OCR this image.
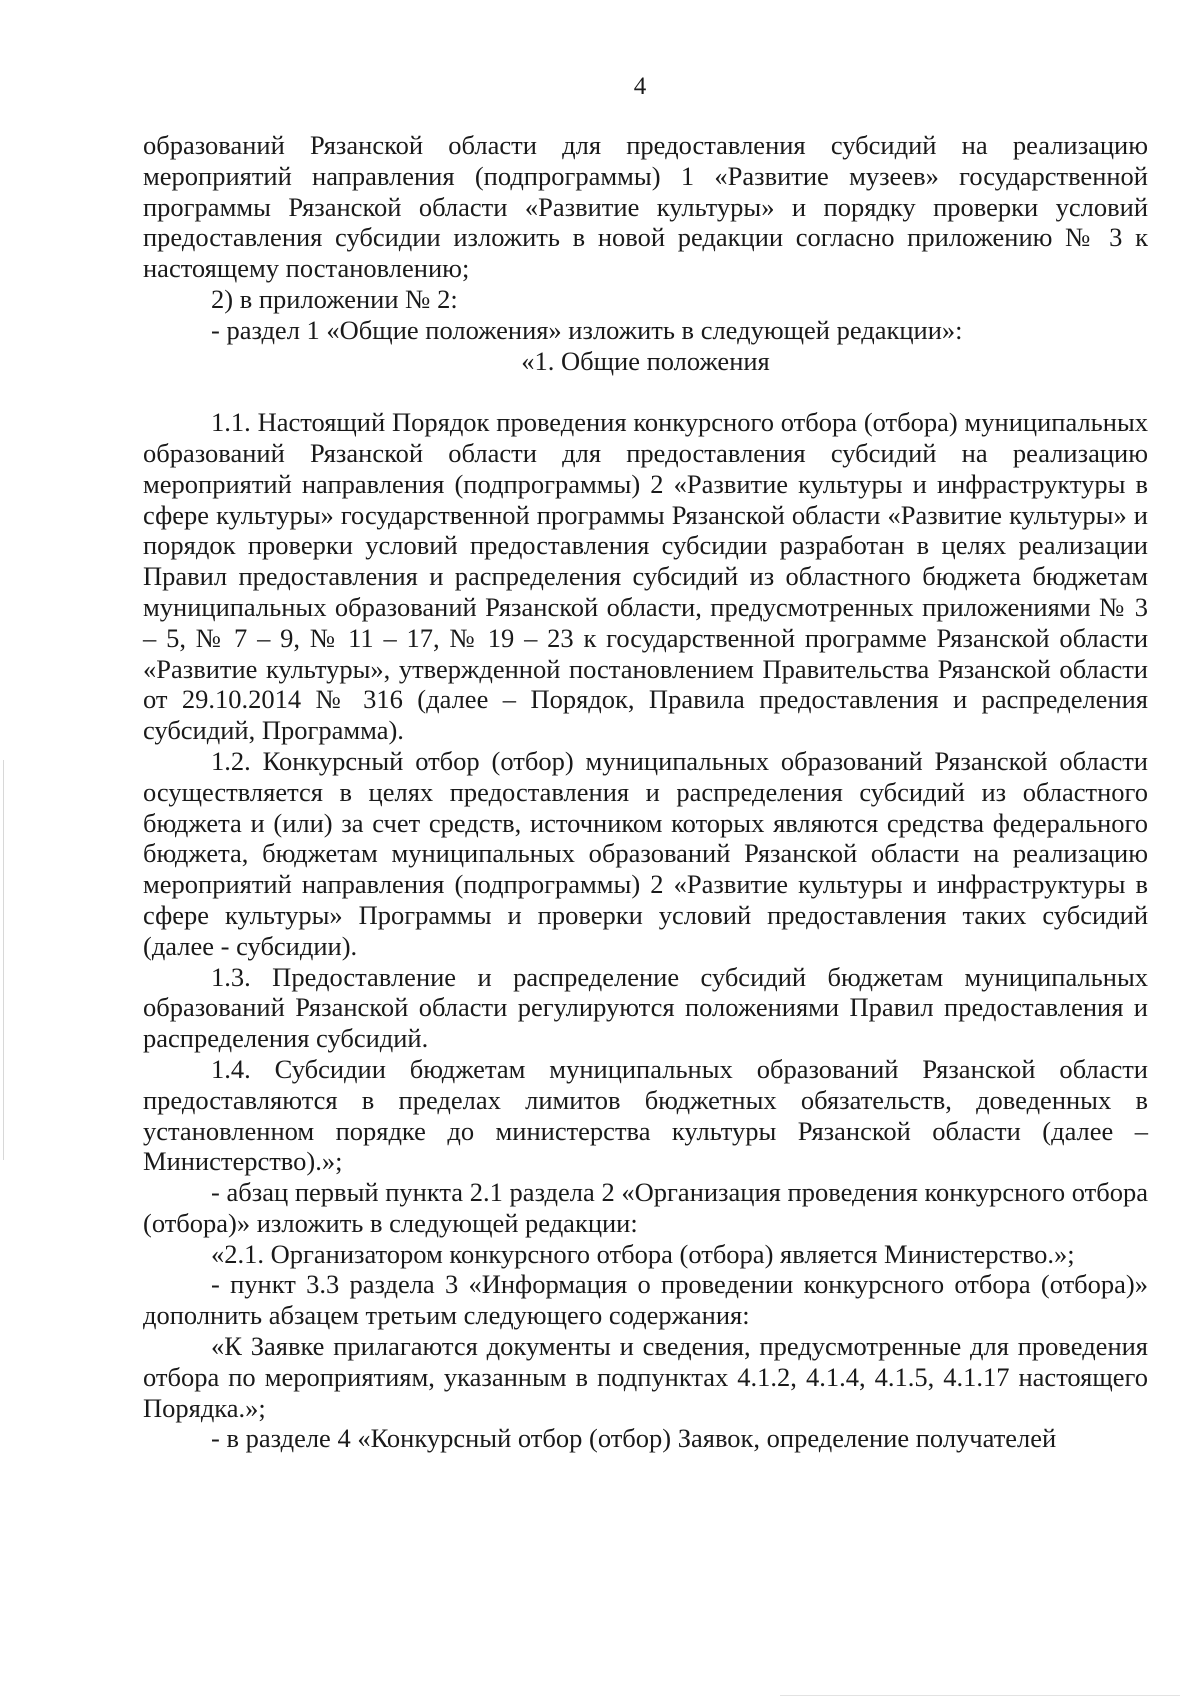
4

образований Рязанской области для предоставления субсидий на реализацию мероприятий направления (подпрограммы) 1 «Развитие музеев» государственной программы Рязанской области «Развитие культуры» и порядку проверки условий предоставления субсидии изложить в новой редакции согласно приложению № 3 к настоящему постановлению;

2) в приложении № 2:

- раздел 1 «Общие положения» изложить в следующей редакции»:

«1. Общие положения

1.1. Настоящий Порядок проведения конкурсного отбора (отбора) муниципальных образований Рязанской области для предоставления субсидий на реализацию мероприятий направления (подпрограммы) 2 «Развитие культуры и инфраструктуры в сфере культуры» государственной программы Рязанской области «Развитие культуры» и порядок проверки условий предоставления субсидии разработан в целях реализации Правил предоставления и распределения субсидий из областного бюджета бюджетам муниципальных образований Рязанской области, предусмотренных приложениями № 3 – 5, № 7 – 9, № 11 – 17, № 19 – 23 к государственной программе Рязанской области «Развитие культуры», утвержденной постановлением Правительства Рязанской области от 29.10.2014 № 316 (далее – Порядок, Правила предоставления и распределения субсидий, Программа).

1.2. Конкурсный отбор (отбор) муниципальных образований Рязанской области осуществляется в целях предоставления и распределения субсидий из областного бюджета и (или) за счет средств, источником которых являются средства федерального бюджета, бюджетам муниципальных образований Рязанской области на реализацию мероприятий направления (подпрограммы) 2 «Развитие культуры и инфраструктуры в сфере культуры» Программы и проверки условий предоставления таких субсидий (далее - субсидии).

1.3. Предоставление и распределение субсидий бюджетам муниципальных образований Рязанской области регулируются положениями Правил предоставления и распределения субсидий.

1.4. Субсидии бюджетам муниципальных образований Рязанской области предоставляются в пределах лимитов бюджетных обязательств, доведенных в установленном порядке до министерства культуры Рязанской области (далее – Министерство).»;

- абзац первый пункта 2.1 раздела 2 «Организация проведения конкурсного отбора (отбора)» изложить в следующей редакции:

«2.1. Организатором конкурсного отбора (отбора) является Министерство.»;

- пункт 3.3 раздела 3 «Информация о проведении конкурсного отбора (отбора)» дополнить абзацем третьим следующего содержания:

«К Заявке прилагаются документы и сведения, предусмотренные для проведения отбора по мероприятиям, указанным в подпунктах 4.1.2, 4.1.4, 4.1.5, 4.1.17 настоящего Порядка.»;

- в разделе 4 «Конкурсный отбор (отбор) Заявок, определение получателей
